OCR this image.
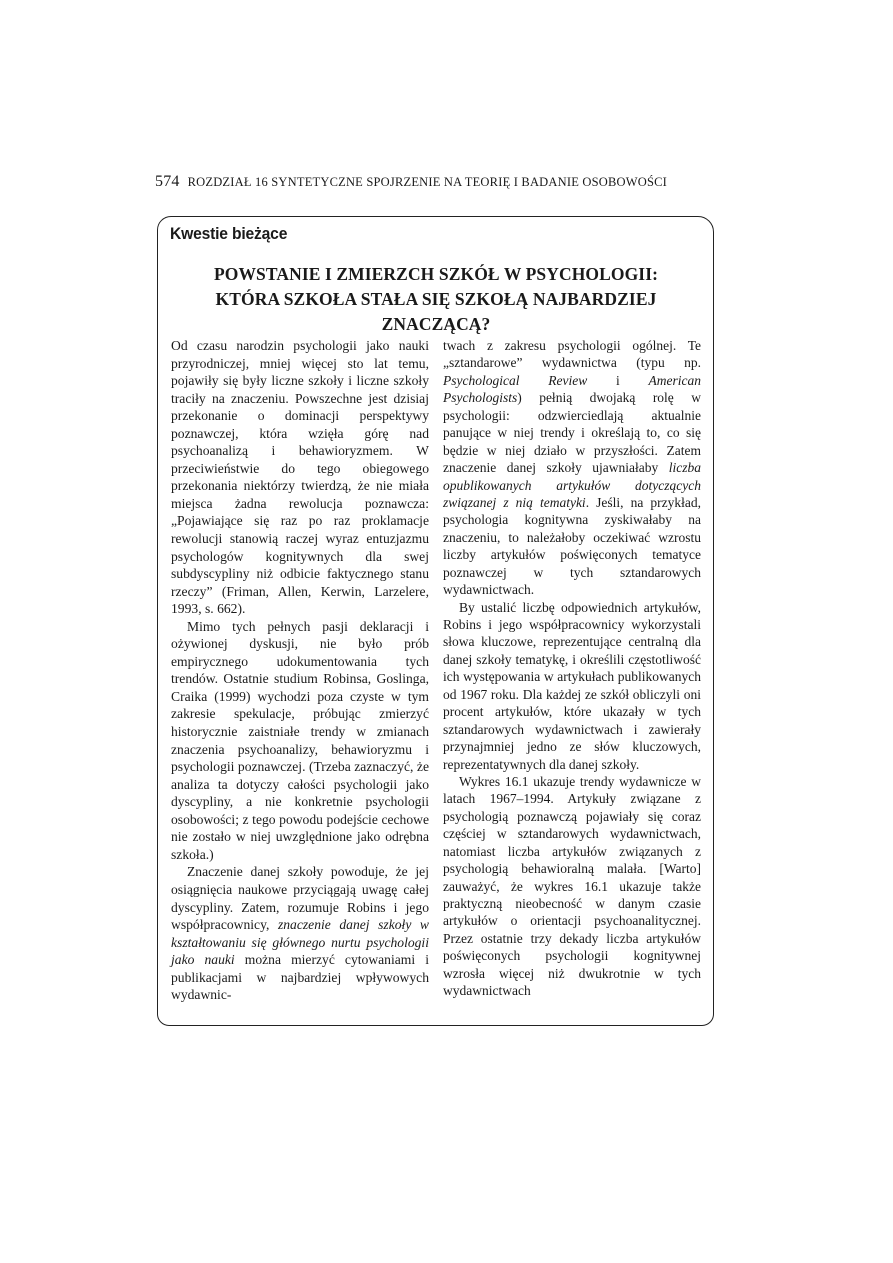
574 ROZDZIAŁ 16 SYNTETYCZNE SPOJRZENIE NA TEORIĘ I BADANIE OSOBOWOŚCI
Kwestie bieżące
POWSTANIE I ZMIERZCH SZKÓŁ W PSYCHOLOGII:
KTÓRA SZKOŁA STAŁA SIĘ SZKOŁĄ NAJBARDZIEJ ZNACZĄCĄ?

Od czasu narodzin psychologii jako nauki przyrodniczej, mniej więcej sto lat temu, pojawiły się były liczne szkoły i liczne szkoły traciły na znaczeniu. Powszechne jest dzisiaj przekonanie o dominacji perspektywy poznawczej, która wzięła górę nad psychoanalizą i behawioryzmem. W przeciwieństwie do tego obiegowego przekonania niektórzy twierdzą, że nie miała miejsca żadna rewolucja poznawcza: „Pojawiające się raz po raz proklamacje rewolucji stanowią raczej wyraz entuzjazmu psychologów kognitywnych dla swej subdyscypliny niż odbicie faktycznego stanu rzeczy” (Friman, Allen, Kerwin, Larzelere, 1993, s. 662).

Mimo tych pełnych pasji deklaracji i ożywionej dyskusji, nie było prób empirycznego udokumentowania tych trendów. Ostatnie studium Robinsa, Goslinga, Craika (1999) wychodzi poza czyste w tym zakresie spekulacje, próbując zmierzyć historycznie zaistniałe trendy w zmianach znaczenia psychoanalizy, behawioryzmu i psychologii poznawczej. (Trzeba zaznaczyć, że analiza ta dotyczy całości psychologii jako dyscypliny, a nie konkretnie psychologii osobowości; z tego powodu podejście cechowe nie zostało w niej uwzględnione jako odrębna szkoła.)

Znaczenie danej szkoły powoduje, że jej osiągnięcia naukowe przyciągają uwagę całej dyscypliny. Zatem, rozumuje Robins i jego współpracownicy, znaczenie danej szkoły w kształtowaniu się głównego nurtu psychologii jako nauki można mierzyć cytowaniami i publikacjami w najbardziej wpływowych wydawnic-

twach z zakresu psychologii ogólnej. Te „sztandarowe” wydawnictwa (typu np. Psychological Review i American Psychologists) pełnią dwojaką rolę w psychologii: odzwierciedlają aktualnie panujące w niej trendy i określają to, co się będzie w niej działo w przyszłości. Zatem znaczenie danej szkoły ujawniałaby liczba opublikowanych artykułów dotyczących związanej z nią tematyki. Jeśli, na przykład, psychologia kognitywna zyskiwałaby na znaczeniu, to należałoby oczekiwać wzrostu liczby artykułów poświęconych tematyce poznawczej w tych sztandarowych wydawnictwach.

By ustalić liczbę odpowiednich artykułów, Robins i jego współpracownicy wykorzystali słowa kluczowe, reprezentujące centralną dla danej szkoły tematykę, i określili częstotliwość ich występowania w artykułach publikowanych od 1967 roku. Dla każdej ze szkół obliczyli oni procent artykułów, które ukazały w tych sztandarowych wydawnictwach i zawierały przynajmniej jedno ze słów kluczowych, reprezentatywnych dla danej szkoły.

Wykres 16.1 ukazuje trendy wydawnicze w latach 1967–1994. Artykuły związane z psychologią poznawczą pojawiały się coraz częściej w sztandarowych wydawnictwach, natomiast liczba artykułów związanych z psychologią behawioralną malała. [Warto] zauważyć, że wykres 16.1 ukazuje także praktyczną nieobecność w danym czasie artykułów o orientacji psychoanalitycznej. Przez ostatnie trzy dekady liczba artykułów poświęconych psychologii kognitywnej wzrosła więcej niż dwukrotnie w tych wydawnictwach
